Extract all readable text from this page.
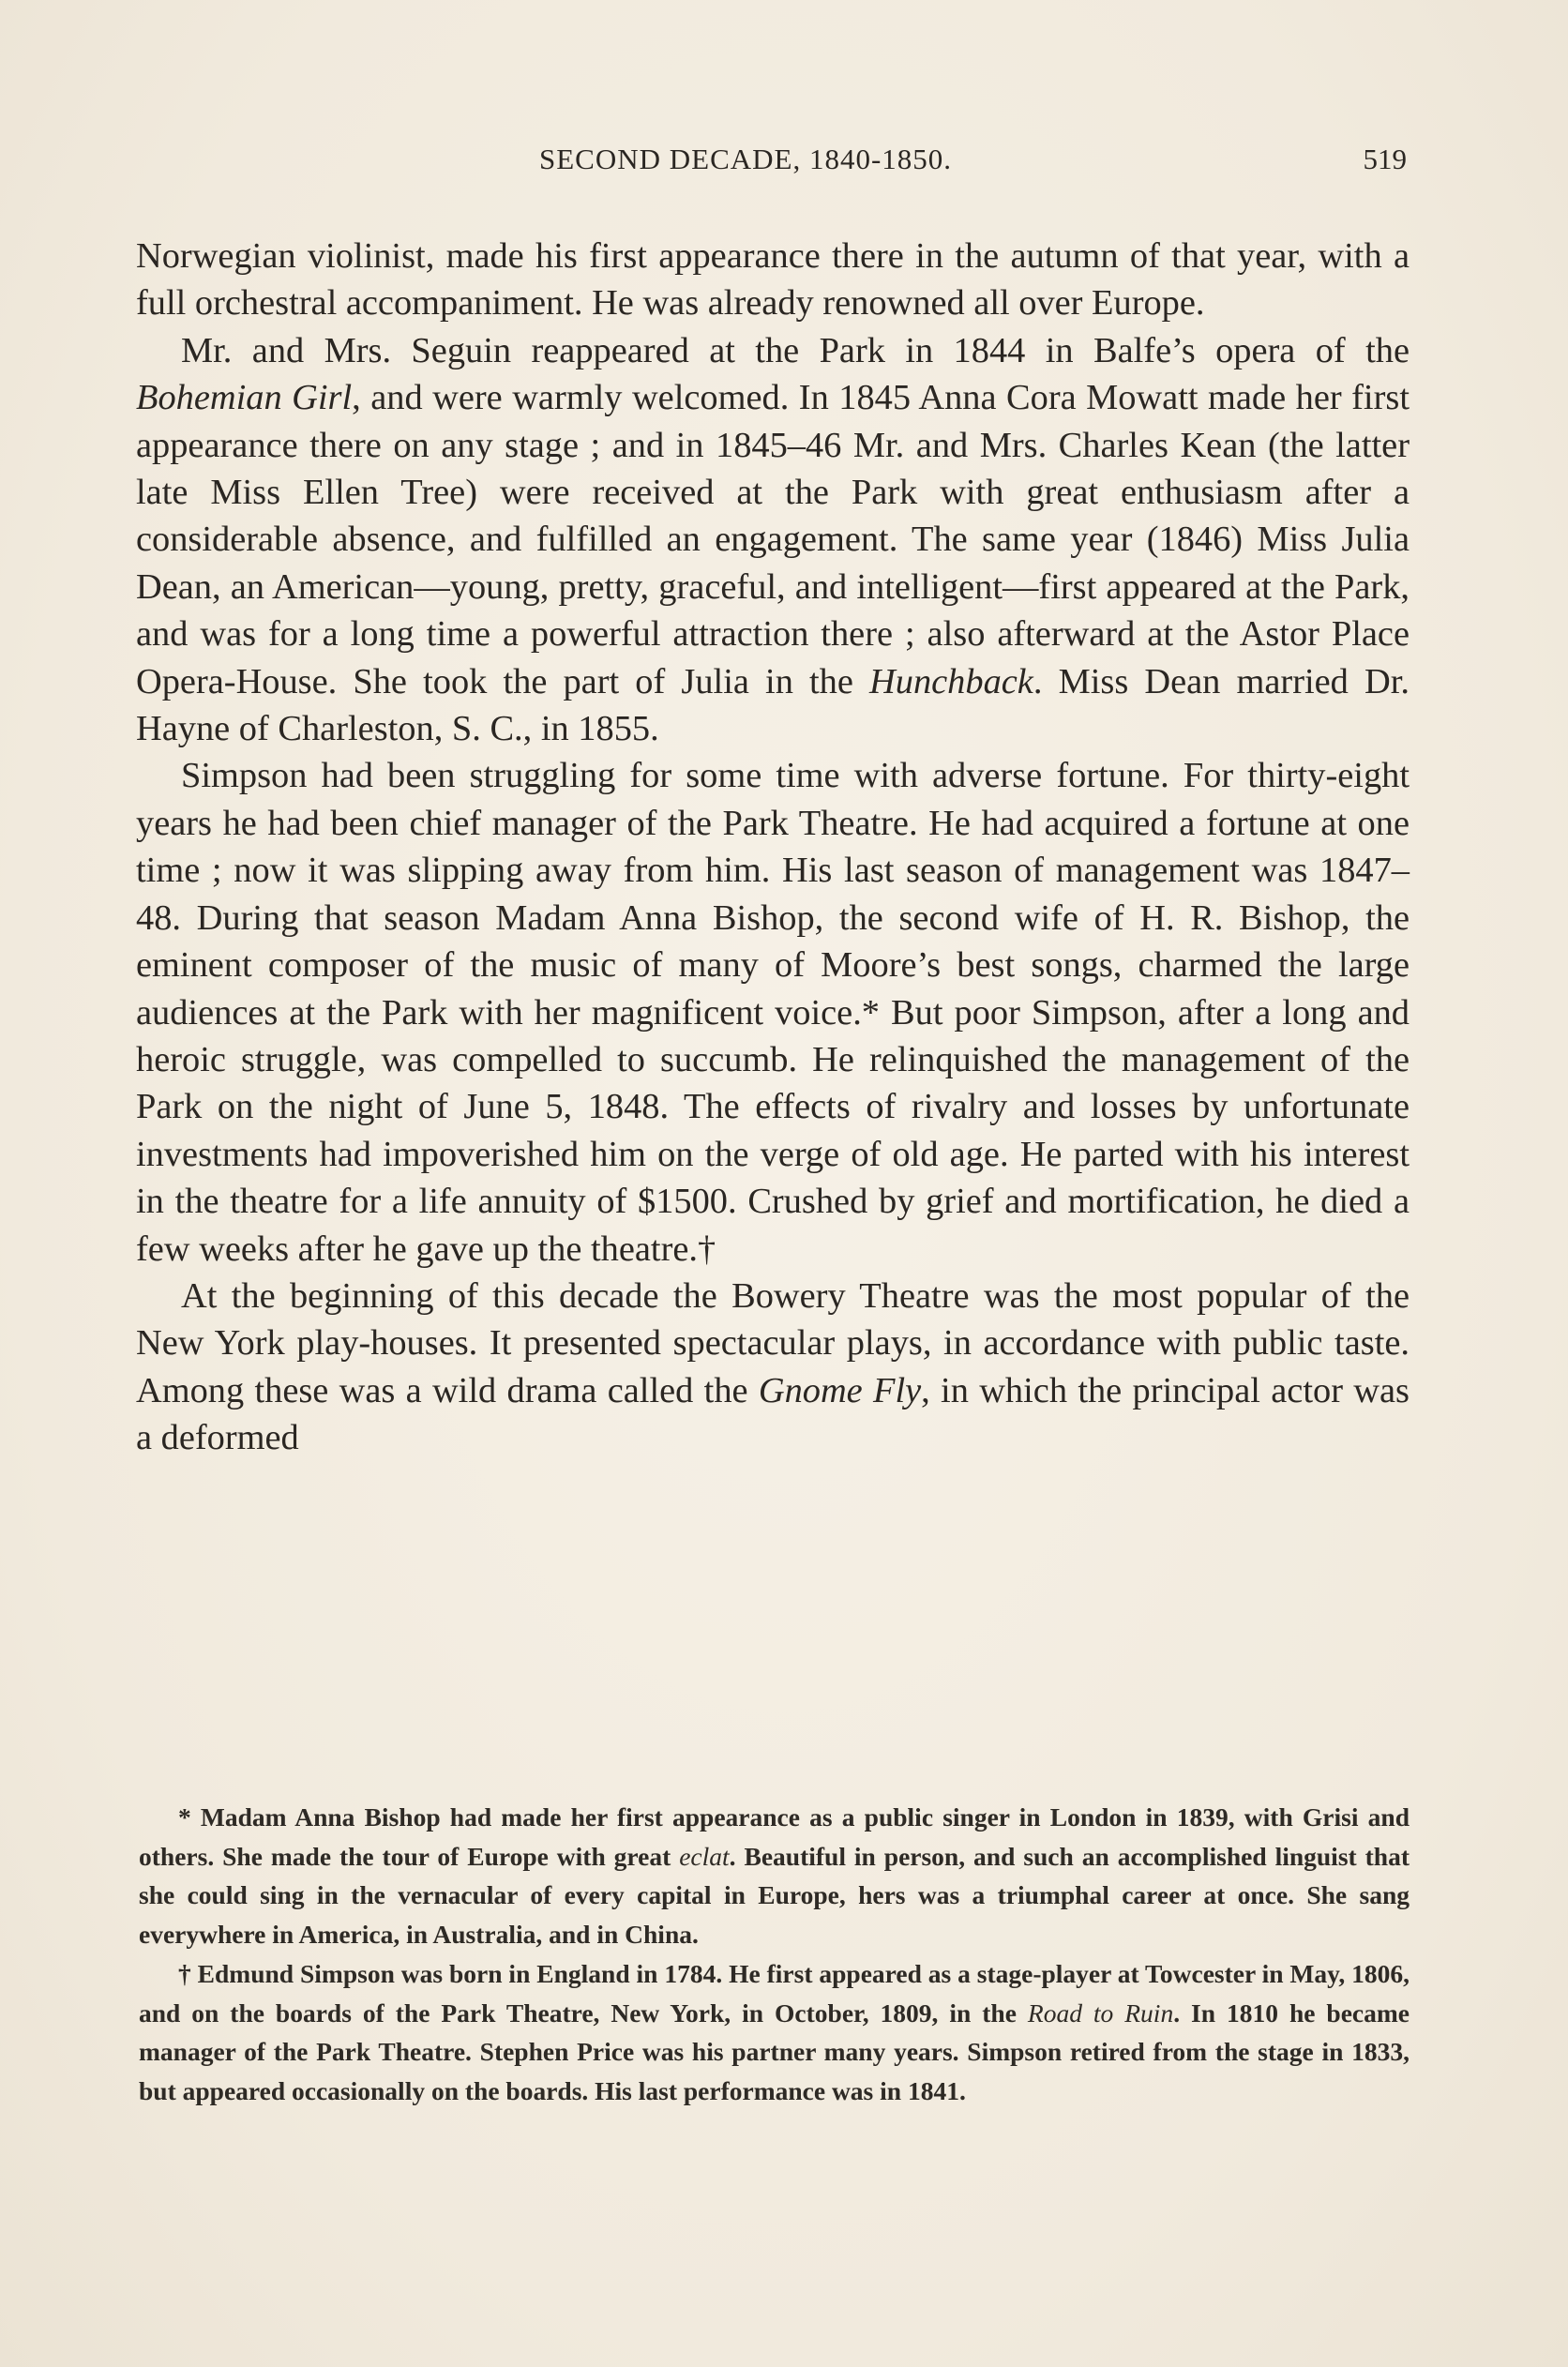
SECOND DECADE, 1840-1850.	519

Norwegian violinist, made his first appearance there in the autumn of that year, with a full orchestral accompaniment. He was already renowned all over Europe.

Mr. and Mrs. Seguin reappeared at the Park in 1844 in Balfe’s opera of the Bohemian Girl, and were warmly welcomed. In 1845 Anna Cora Mowatt made her first appearance there on any stage ; and in 1845–46 Mr. and Mrs. Charles Kean (the latter late Miss Ellen Tree) were received at the Park with great enthusiasm after a considerable absence, and fulfilled an engagement. The same year (1846) Miss Julia Dean, an American—young, pretty, graceful, and intelligent—first appeared at the Park, and was for a long time a powerful attraction there ; also afterward at the Astor Place Opera-House. She took the part of Julia in the Hunchback. Miss Dean married Dr. Hayne of Charleston, S. C., in 1855.

Simpson had been struggling for some time with adverse fortune. For thirty-eight years he had been chief manager of the Park Theatre. He had acquired a fortune at one time ; now it was slipping away from him. His last season of management was 1847–48. During that season Madam Anna Bishop, the second wife of H. R. Bishop, the eminent composer of the music of many of Moore’s best songs, charmed the large audiences at the Park with her magnificent voice.* But poor Simpson, after a long and heroic struggle, was compelled to succumb. He relinquished the management of the Park on the night of June 5, 1848. The effects of rivalry and losses by unfortunate investments had impoverished him on the verge of old age. He parted with his interest in the theatre for a life annuity of $1500. Crushed by grief and mortification, he died a few weeks after he gave up the theatre.†

At the beginning of this decade the Bowery Theatre was the most popular of the New York play-houses. It presented spectacular plays, in accordance with public taste. Among these was a wild drama called the Gnome Fly, in which the principal actor was a deformed

* Madam Anna Bishop had made her first appearance as a public singer in London in 1839, with Grisi and others. She made the tour of Europe with great eclat. Beautiful in person, and such an accomplished linguist that she could sing in the vernacular of every capital in Europe, hers was a triumphal career at once. She sang everywhere in America, in Australia, and in China.

† Edmund Simpson was born in England in 1784. He first appeared as a stage-player at Towcester in May, 1806, and on the boards of the Park Theatre, New York, in October, 1809, in the Road to Ruin. In 1810 he became manager of the Park Theatre. Stephen Price was his partner many years. Simpson retired from the stage in 1833, but appeared occasionally on the boards. His last performance was in 1841.
